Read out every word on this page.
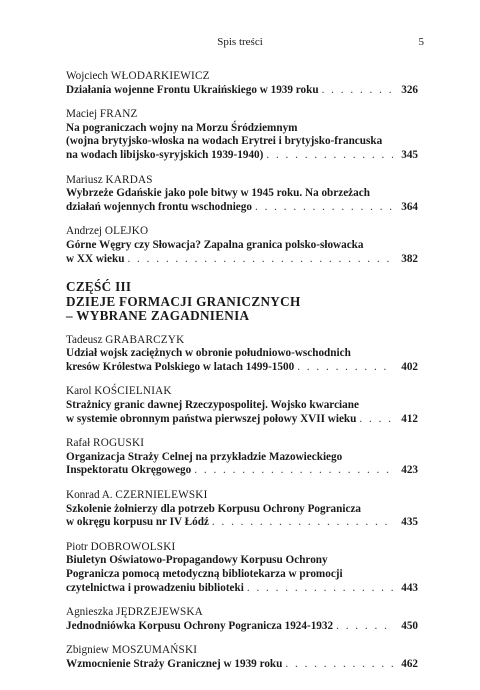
Spis treści	5
Wojciech WŁODARKIEWICZ
Działania wojenne Frontu Ukraińskiego w 1939 roku . . .	326
Maciej FRANZ
Na pograniczach wojny na Morzu Śródziemnym
(wojna brytyjsko-włoska na wodach Erytrei i brytyjsko-francuska
na wodach libijsko-syryjskich 1939-1940) . . .	345
Mariusz KARDAS
Wybrzeże Gdańskie jako pole bitwy w 1945 roku. Na obrzeżach
działań wojennych frontu wschodniego . . .	364
Andrzej OLEJKO
Górne Węgry czy Słowacja? Zapalna granica polsko-słowacka
w XX wieku . . .	382
CZĘŚĆ III
DZIEJE FORMACJI GRANICZNYCH
– WYBRANE ZAGADNIENIA
Tadeusz GRABARCZYK
Udział wojsk zaciężnych w obronie południowo-wschodnich
kresów Królestwa Polskiego w latach 1499-1500 . . .	402
Karol KOŚCIELNIAK
Strażnicy granic dawnej Rzeczypospolitej. Wojsko kwarciane
w systemie obronnym państwa pierwszej połowy XVII wieku . . .	412
Rafał ROGUSKI
Organizacja Straży Celnej na przykładzie Mazowieckiego
Inspektoratu Okręgowego . . .	423
Konrad A. CZERNIELEWSKI
Szkolenie żołnierzy dla potrzeb Korpusu Ochrony Pogranicza
w okręgu korpusu nr IV Łódź . . .	435
Piotr DOBROWOLSKI
Biuletyn Oświatowo-Propagandowy Korpusu Ochrony
Pogranicza pomocą metodyczną bibliotekarza w promocji
czytelnictwa i prowadzeniu biblioteki . . .	443
Agnieszka JĘDRZEJEWSKA
Jednodniówka Korpusu Ochrony Pogranicza 1924-1932 . . .	450
Zbigniew MOSZUMAŃSKI
Wzmocnienie Straży Granicznej w 1939 roku . . .	462
